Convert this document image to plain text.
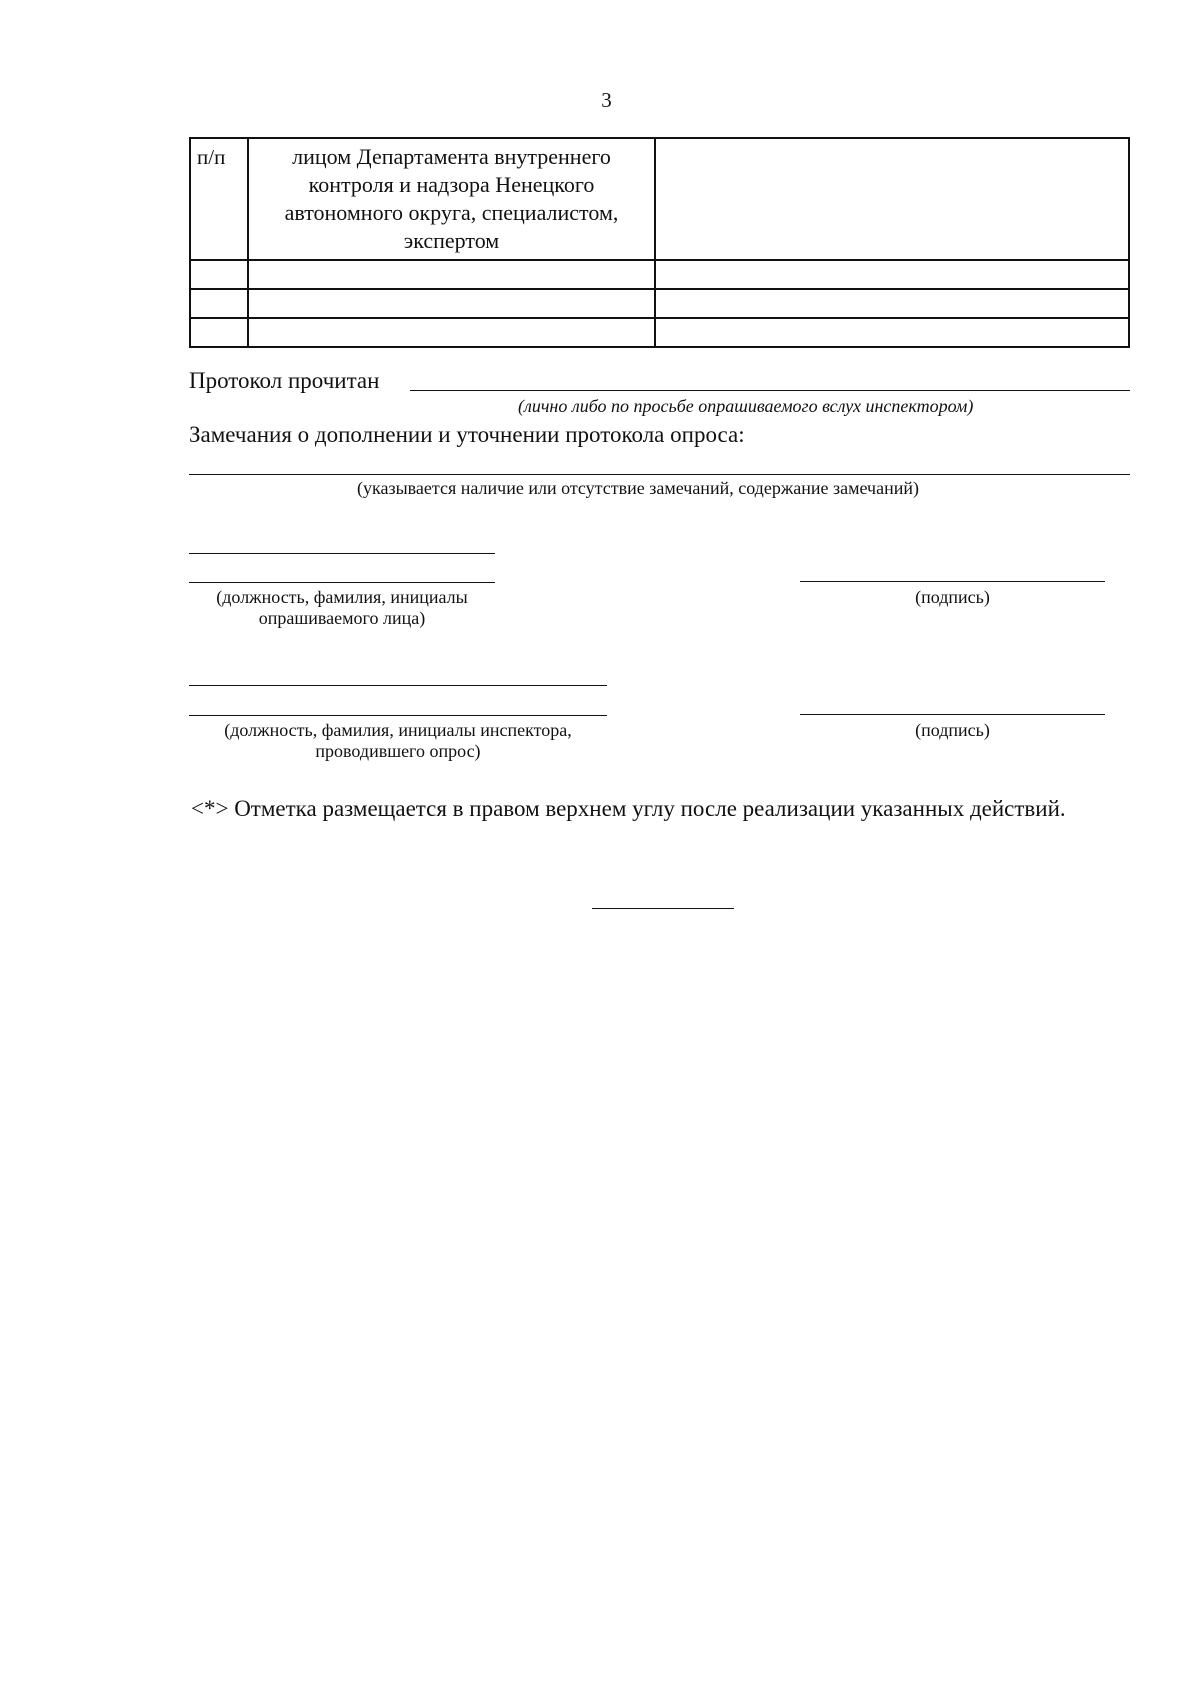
3
п/п	лицом Департамента внутреннего
контроля и надзора Ненецкого
автономного округа, специалистом,
экспертом	

Протокол прочитан
(лично либо по просьбе опрашиваемого вслух инспектором)
Замечания о дополнении и уточнении протокола опроса:
(указывается наличие или отсутствие замечаний, содержание замечаний)
(должность, фамилия, инициалы
опрашиваемого лица)
(подпись)
(должность, фамилия, инициалы инспектора,
проводившего опрос)
(подпись)
<*> Отметка размещается в правом верхнем углу после реализации указанных действий.
